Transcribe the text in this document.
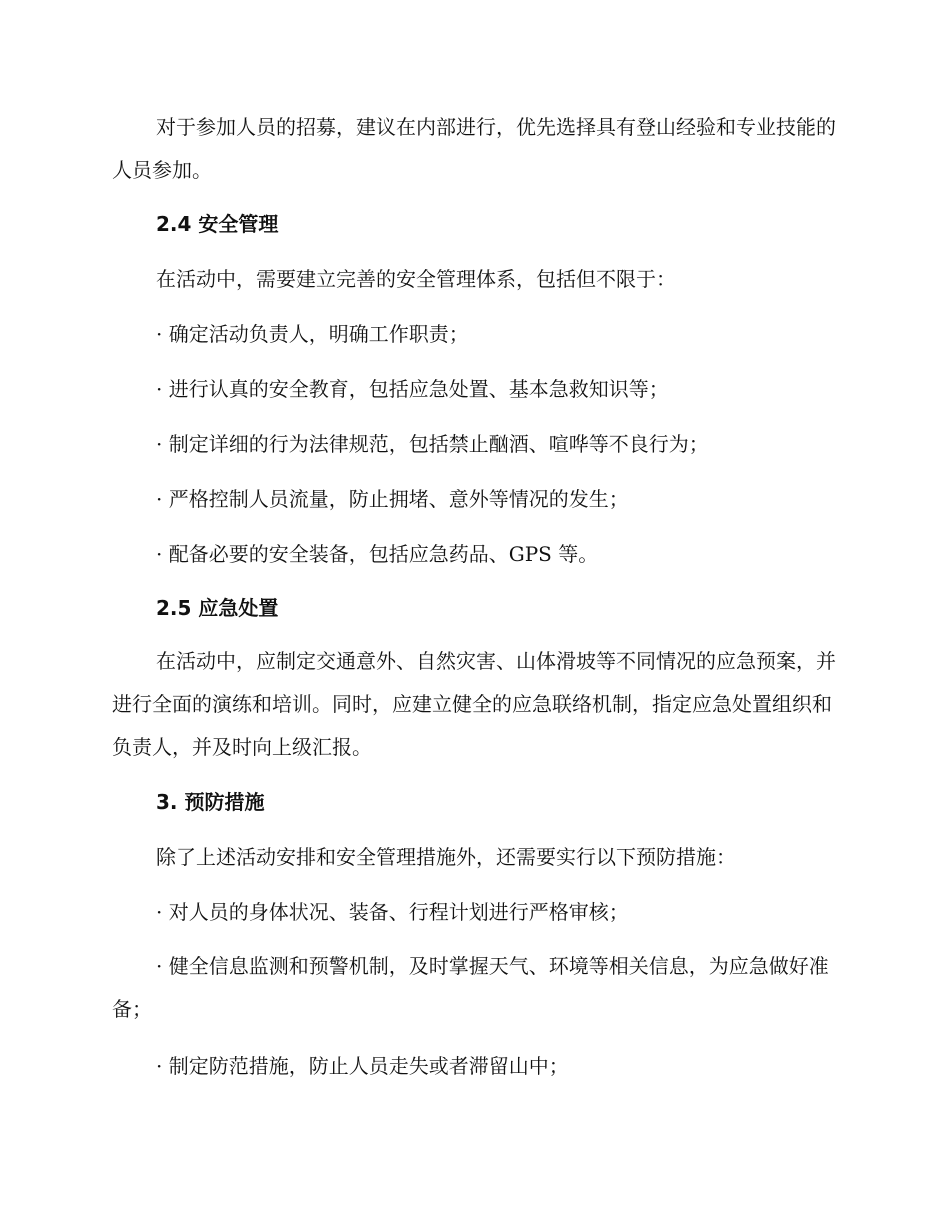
对于参加人员的招募，建议在内部进行，优先选择具有登山经验和专业技能的人员参加。

2.4 安全管理

在活动中，需要建立完善的安全管理体系，包括但不限于：

· 确定活动负责人，明确工作职责；

· 进行认真的安全教育，包括应急处置、基本急救知识等；

· 制定详细的行为法律规范，包括禁止酗酒、喧哗等不良行为；

· 严格控制人员流量，防止拥堵、意外等情况的发生；

· 配备必要的安全装备，包括应急药品、GPS 等。

2.5 应急处置

在活动中，应制定交通意外、自然灾害、山体滑坡等不同情况的应急预案，并进行全面的演练和培训。同时，应建立健全的应急联络机制，指定应急处置组织和负责人，并及时向上级汇报。

3. 预防措施

除了上述活动安排和安全管理措施外，还需要实行以下预防措施：

· 对人员的身体状况、装备、行程计划进行严格审核；

· 健全信息监测和预警机制，及时掌握天气、环境等相关信息，为应急做好准备；

· 制定防范措施，防止人员走失或者滞留山中；
